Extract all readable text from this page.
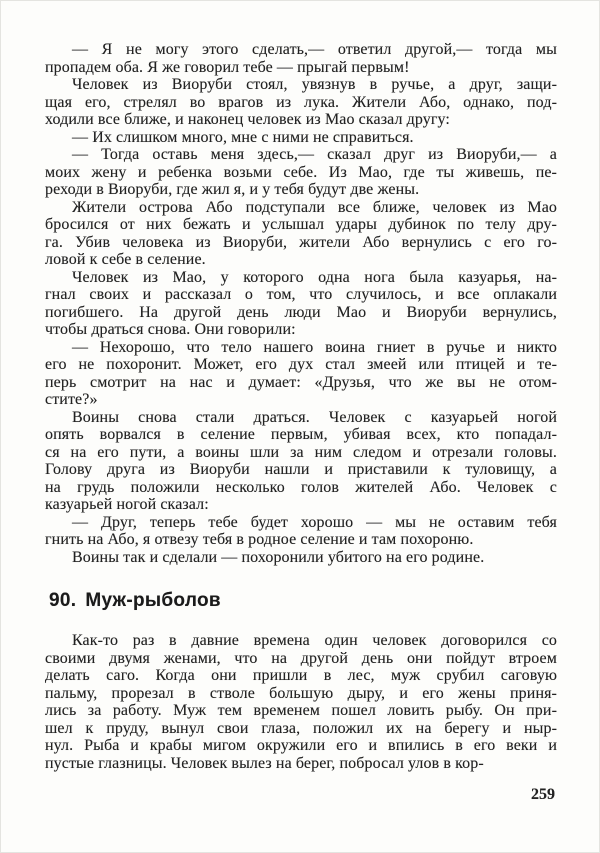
— Я не могу этого сделать,— ответил другой,— тогда мы
пропадем оба. Я же говорил тебе — прыгай первым!
Человек из Виоруби стоял, увязнув в ручье, а друг, защи-
щая его, стрелял во врагов из лука. Жители Або, однако, под-
ходили все ближе, и наконец человек из Мао сказал другу:
— Их слишком много, мне с ними не справиться.
— Тогда оставь меня здесь,— сказал друг из Виоруби,— а
моих жену и ребенка возьми себе. Из Мао, где ты живешь, пе-
реходи в Виоруби, где жил я, и у тебя будут две жены.
Жители острова Або подступали все ближе, человек из Мао
бросился от них бежать и услышал удары дубинок по телу дру-
га. Убив человека из Виоруби, жители Або вернулись с его го-
ловой к себе в селение.
Человек из Мао, у которого одна нога была казуарья, на-
гнал своих и рассказал о том, что случилось, и все оплакали
погибшего. На другой день люди Мао и Виоруби вернулись,
чтобы драться снова. Они говорили:
— Нехорошо, что тело нашего воина гниет в ручье и никто
его не похоронит. Может, его дух стал змеей или птицей и те-
перь смотрит на нас и думает: «Друзья, что же вы не отом-
стите?»
Воины снова стали драться. Человек с казуарьей ногой
опять ворвался в селение первым, убивая всех, кто попадал-
ся на его пути, а воины шли за ним следом и отрезали головы.
Голову друга из Виоруби нашли и приставили к туловищу, а
на грудь положили несколько голов жителей Або. Человек с
казуарьей ногой сказал:
— Друг, теперь тебе будет хорошо — мы не оставим тебя
гнить на Або, я отвезу тебя в родное селение и там похороню.
Воины так и сделали — похоронили убитого на его родине.
90. Муж-рыболов
Как-то раз в давние времена один человек договорился со
своими двумя женами, что на другой день они пойдут втроем
делать саго. Когда они пришли в лес, муж срубил саговую
пальму, прорезал в стволе большую дыру, и его жены приня-
лись за работу. Муж тем временем пошел ловить рыбу. Он при-
шел к пруду, вынул свои глаза, положил их на берегу и ныр-
нул. Рыба и крабы мигом окружили его и впились в его веки и
пустые глазницы. Человек вылез на берег, побросал улов в кор-
259
